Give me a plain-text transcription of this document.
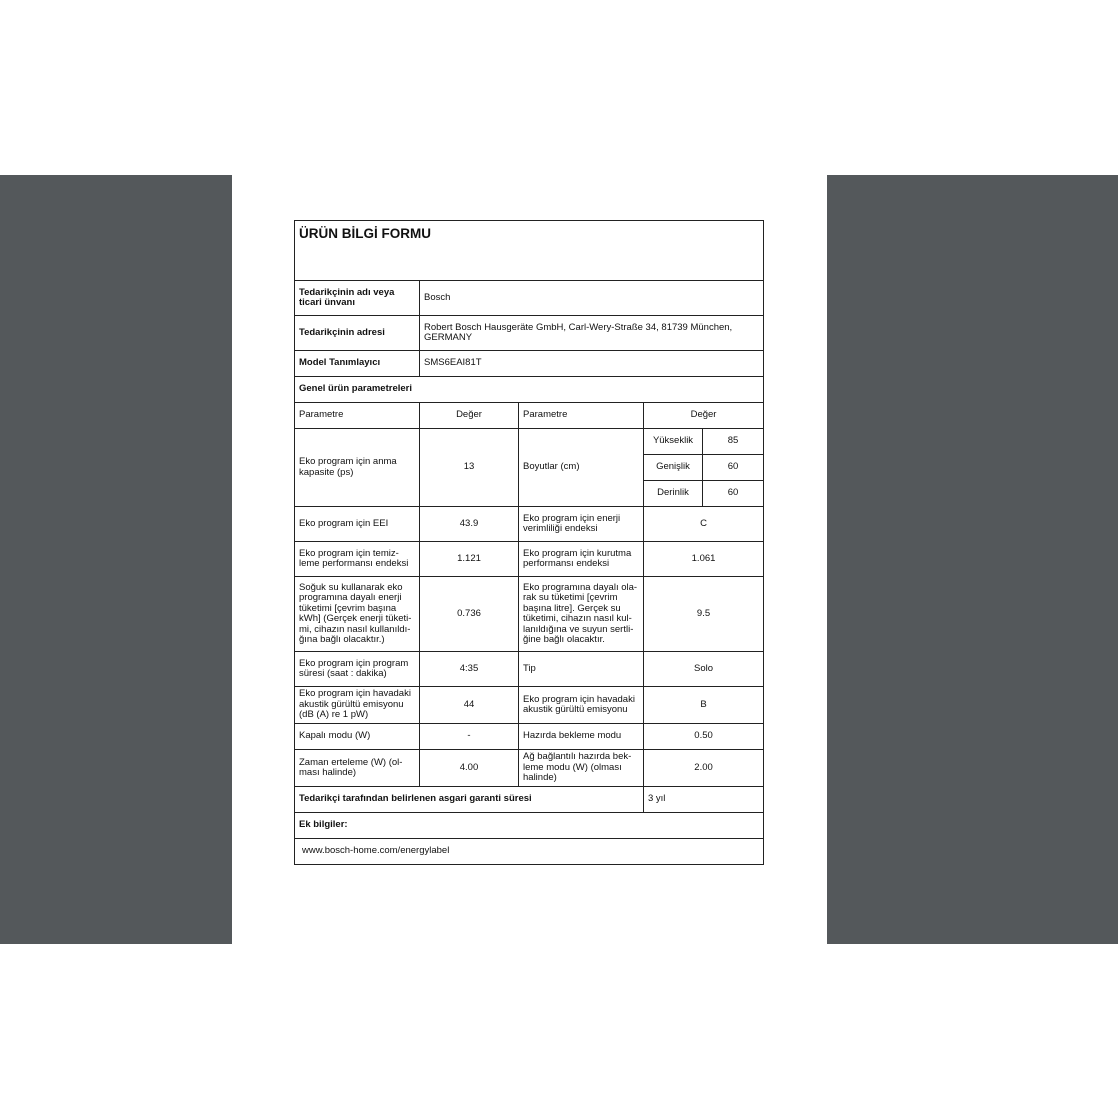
ÜRÜN BİLGİ FORMU				
Tedarikçinin adı veya ticari ünvanı	Bosch			
Tedarikçinin adresi	Robert Bosch Hausgeräte GmbH, Carl-Wery-Straße 34, 81739 München, GERMANY			
Model Tanımlayıcı	SMS6EAI81T			
Genel ürün parametreleri				
Parametre	Değer	Parametre	Değer	
Eko program için anma kapasite (ps)	13	Boyutlar (cm)	Yükseklik	85
			Genişlik	60
			Derinlik	60
Eko program için EEI	43.9	Eko program için enerji verimliliği endeksi	C	
Eko program için temiz-leme performansı endeksi	1.121	Eko program için kurutma performansı endeksi	1.061	
Soğuk su kullanarak eko programına dayalı enerji tüketimi [çevrim başına kWh] (Gerçek enerji tüketi-mi, cihazın nasıl kullanıldı-ğına bağlı olacaktır.)	0.736	Eko programına dayalı ola-rak su tüketimi [çevrim başına litre]. Gerçek su tüketimi, cihazın nasıl kul-lanıldığına ve suyun sertli-ğine bağlı olacaktır.	9.5	
Eko program için program süresi (saat : dakika)	4:35	Tip	Solo	
Eko program için havadaki akustik gürültü emisyonu (dB (A) re 1 pW)	44	Eko program için havadaki akustik gürültü emisyonu	B	
Kapalı modu (W)	-	Hazırda bekleme modu	0.50	
Zaman erteleme (W) (ol-ması halinde)	4.00	Ağ bağlantılı hazırda bek-leme modu (W) (olması halinde)	2.00	
Tedarikçi tarafından belirlenen asgari garanti süresi			3 yıl	
Ek bilgiler:				
www.bosch-home.com/energylabel				
